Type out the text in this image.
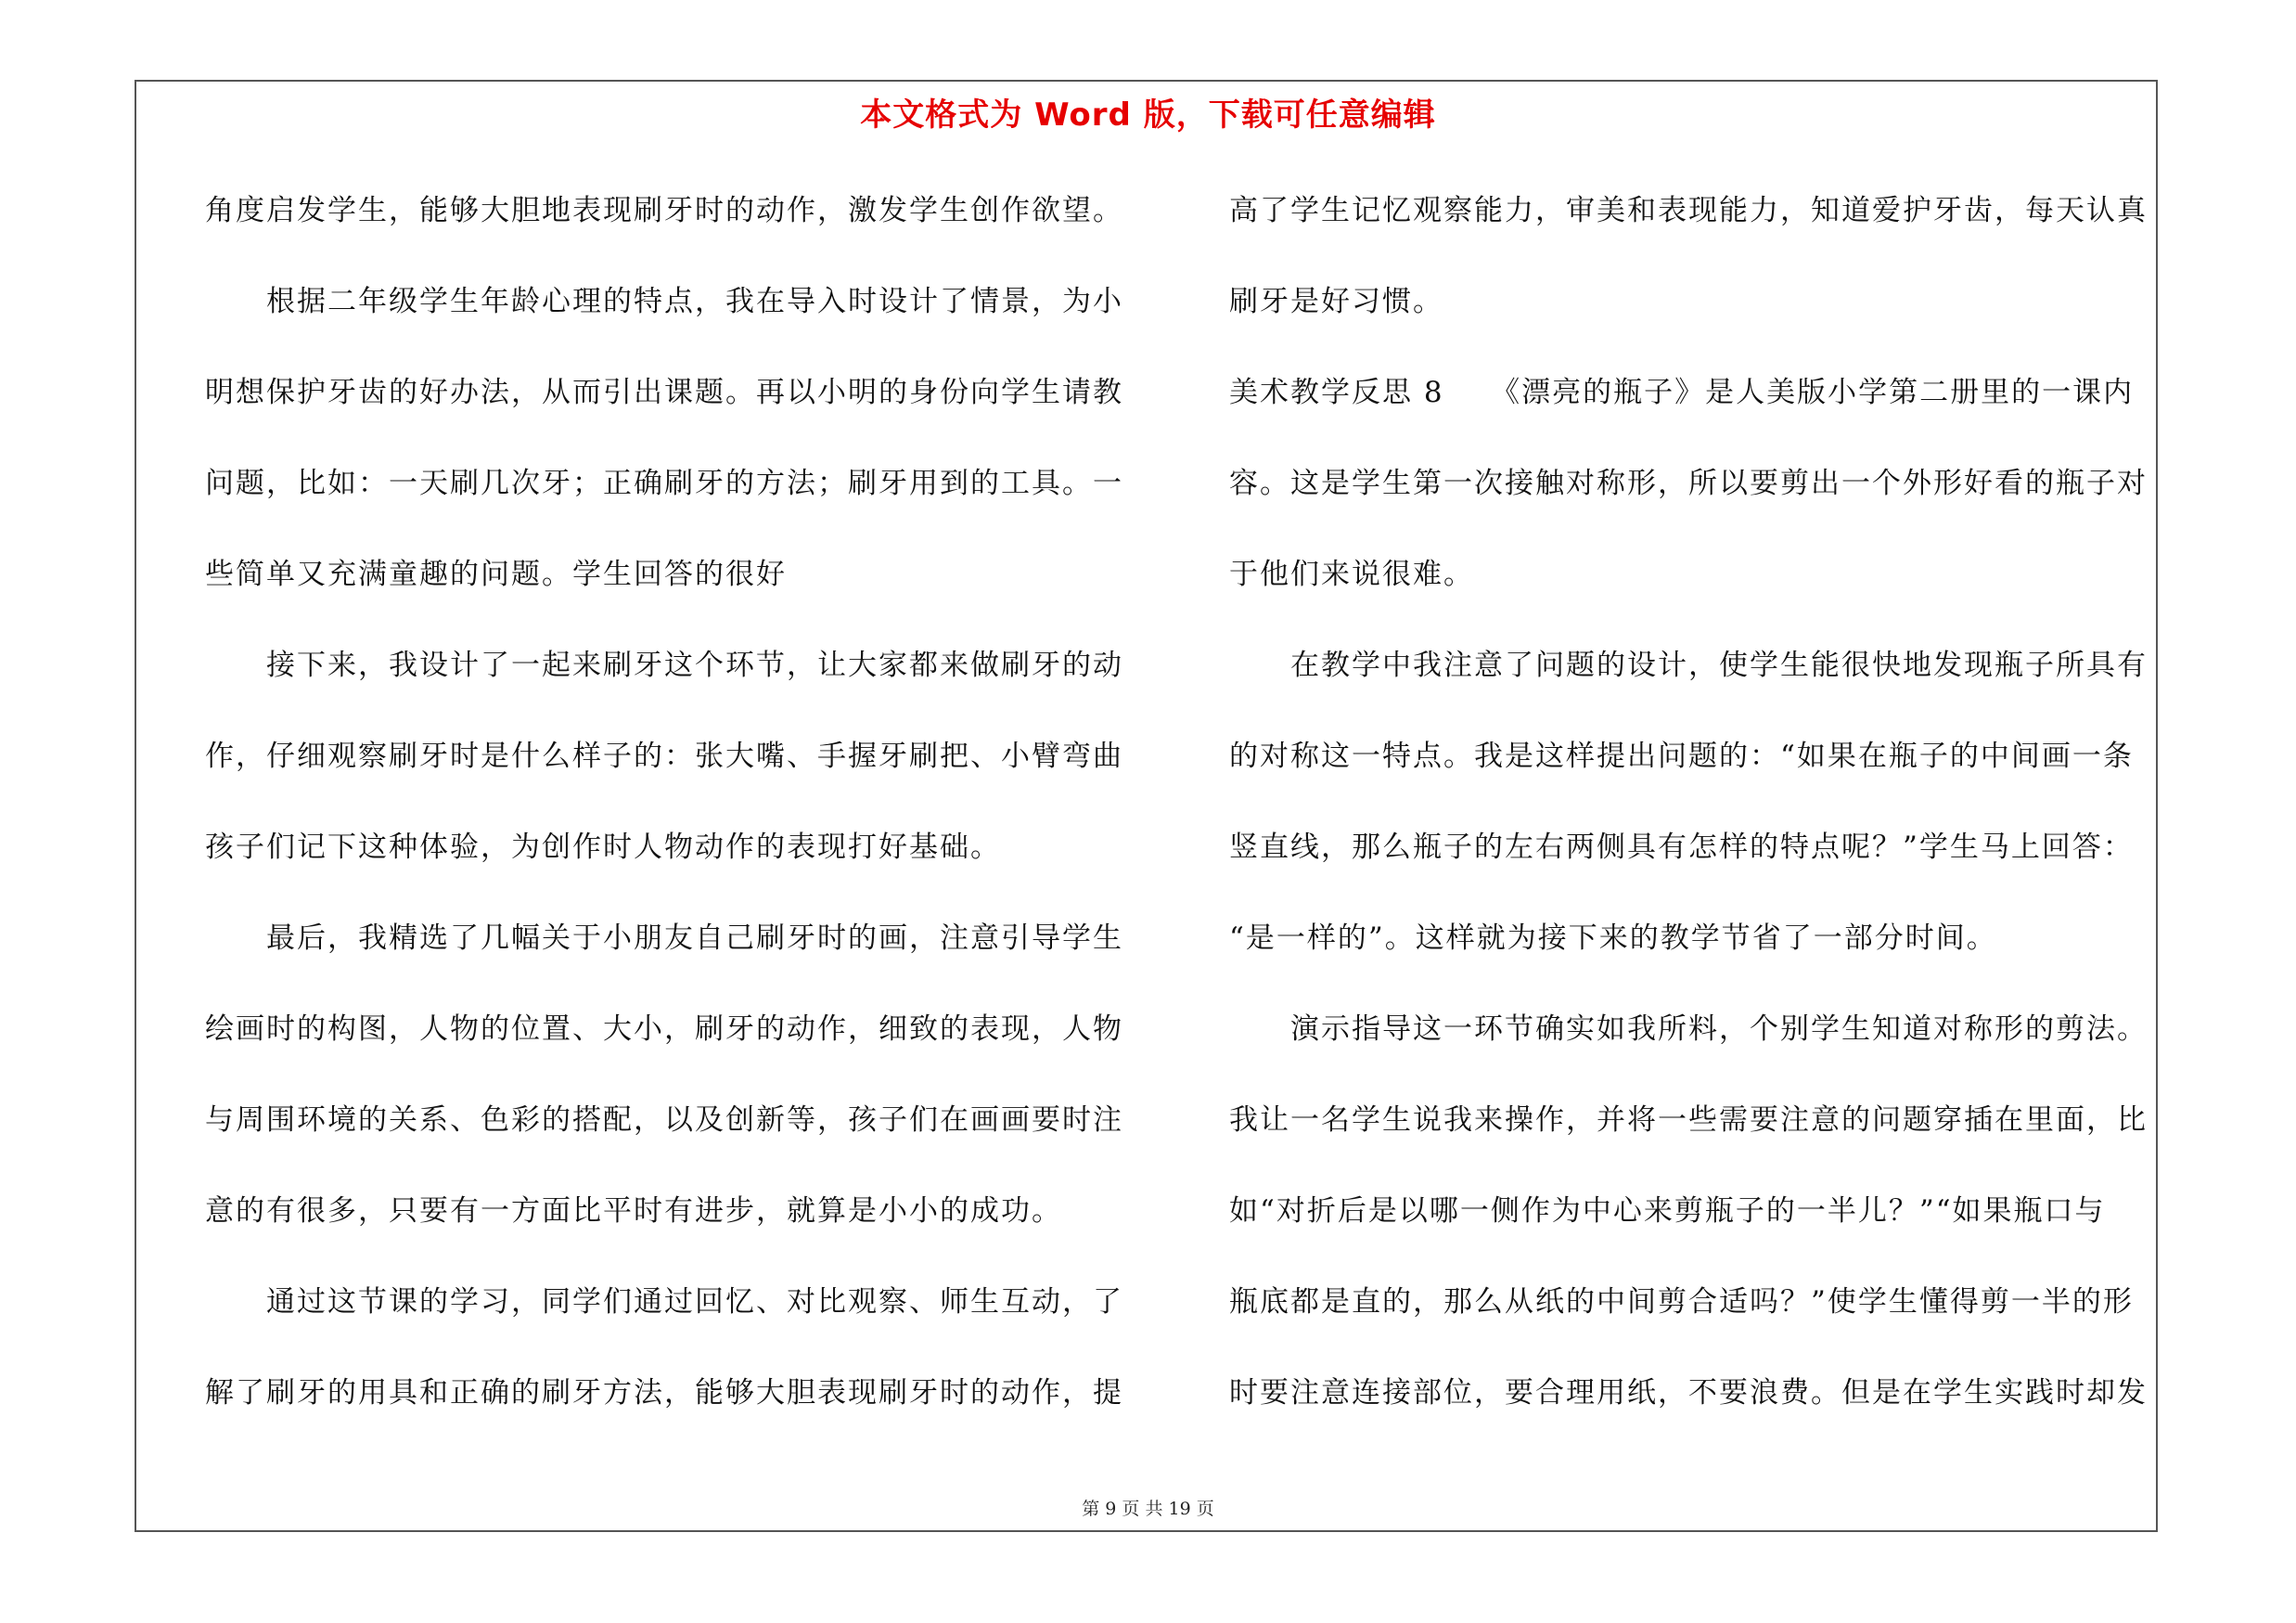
本文格式为 Word 版，下载可任意编辑
角度启发学生，能够大胆地表现刷牙时的动作，激发学生创作欲望。
根据二年级学生年龄心理的特点，我在导入时设计了情景，为小
明想保护牙齿的好办法，从而引出课题。再以小明的身份向学生请教
问题，比如：一天刷几次牙；正确刷牙的方法；刷牙用到的工具。一
些简单又充满童趣的问题。学生回答的很好
接下来，我设计了一起来刷牙这个环节，让大家都来做刷牙的动
作，仔细观察刷牙时是什么样子的：张大嘴、手握牙刷把、小臂弯曲
孩子们记下这种体验，为创作时人物动作的表现打好基础。
最后，我精选了几幅关于小朋友自己刷牙时的画，注意引导学生
绘画时的构图，人物的位置、大小，刷牙的动作，细致的表现，人物
与周围环境的关系、色彩的搭配，以及创新等，孩子们在画画要时注
意的有很多，只要有一方面比平时有进步，就算是小小的成功。
通过这节课的学习，同学们通过回忆、对比观察、师生互动，了
解了刷牙的用具和正确的刷牙方法，能够大胆表现刷牙时的动作，提
高了学生记忆观察能力，审美和表现能力，知道爱护牙齿，每天认真
刷牙是好习惯。
美术教学反思 8　　《漂亮的瓶子》是人美版小学第二册里的一课内
容。这是学生第一次接触对称形，所以要剪出一个外形好看的瓶子对
于他们来说很难。
在教学中我注意了问题的设计，使学生能很快地发现瓶子所具有
的对称这一特点。我是这样提出问题的：“如果在瓶子的中间画一条
竖直线，那么瓶子的左右两侧具有怎样的特点呢？”学生马上回答：
“是一样的”。这样就为接下来的教学节省了一部分时间。
演示指导这一环节确实如我所料，个别学生知道对称形的剪法。
我让一名学生说我来操作，并将一些需要注意的问题穿插在里面，比
如“对折后是以哪一侧作为中心来剪瓶子的一半儿？”“如果瓶口与
瓶底都是直的，那么从纸的中间剪合适吗？”使学生懂得剪一半的形
时要注意连接部位，要合理用纸，不要浪费。但是在学生实践时却发
第 9 页 共 19 页
